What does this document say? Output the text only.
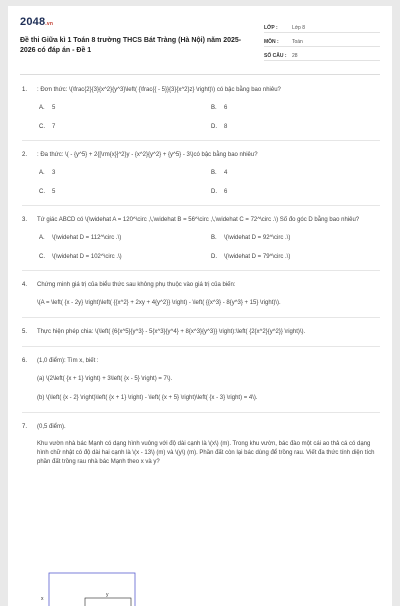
2048.vn
Đề thi Giữa kì 1 Toán 8 trường THCS Bát Tràng (Hà Nội) năm 2025-2026 có đáp án - Đề 1
LỚP :	Lớp 8
MÔN :	Toán
SỐ CÂU :	28
1.	: Đơn thức: \(\frac{2}{3}{x^2}{y^3}\left( {\frac{{ - 5}}{3}{x^2}z} \right)\) có bậc bằng bao nhiêu?
A.	5	B.	6
C.	7	D.	8
2.	: Đa thức: \( - {y^5} + 2{[\rm{x}]^2}y - {x^2}{y^2} + {y^5} - 3\)có bậc bằng bao nhiêu?
A.	3	B.	4
C.	5	D.	6
3.	Tứ giác ABCD có \(\widehat A = 120^\circ ,\,\widehat B = 56^\circ ,\,\widehat C = 72^\circ .\) Số đo góc D bằng bao nhiêu?
A.	\(\widehat D = 112^\circ .\)	B.	\(\widehat D = 92^\circ .\)
C.	\(\widehat D = 102^\circ .\)	D.	\(\widehat D = 79^\circ .\)
4.	Chứng minh giá trị của biểu thức sau không phụ thuộc vào giá trị của biến:
\(A = \left( {x - 2y} \right)\left( {{x^2} + 2xy + 4{y^2}} \right) - \left( {{x^3} - 8{y^3} + 15} \right)\).
5.	Thực hiện phép chia: \(\left( {6{x^5}{y^3} - 5{x^3}{y^4} + 8{x^3}{y^3}} \right):\left( {2{x^2}{y^2}} \right)\).
6.	(1,0 điểm): Tìm x, biết :
(a) \(2\left( {x + 1} \right) + 3\left( {x - 5} \right) = 7\).
(b) \(\left( {x - 2} \right)\left( {x + 1} \right) - \left( {x + 5} \right)\left( {x - 3} \right) = 4\).
7.	(0,5 điểm).
Khu vườn nhà bác Mạnh có dạng hình vuông với độ dài cạnh là \(x\) (m). Trong khu vườn, bác đào một cái ao thả cá có dạng hình chữ nhật có độ dài hai cạnh là \(x - 13\) (m) và \(y\) (m). Phần đất còn lại bác dùng để trồng rau. Viết đa thức tính diện tích phần đất trồng rau nhà bác Mạnh theo x và y?
x
y
